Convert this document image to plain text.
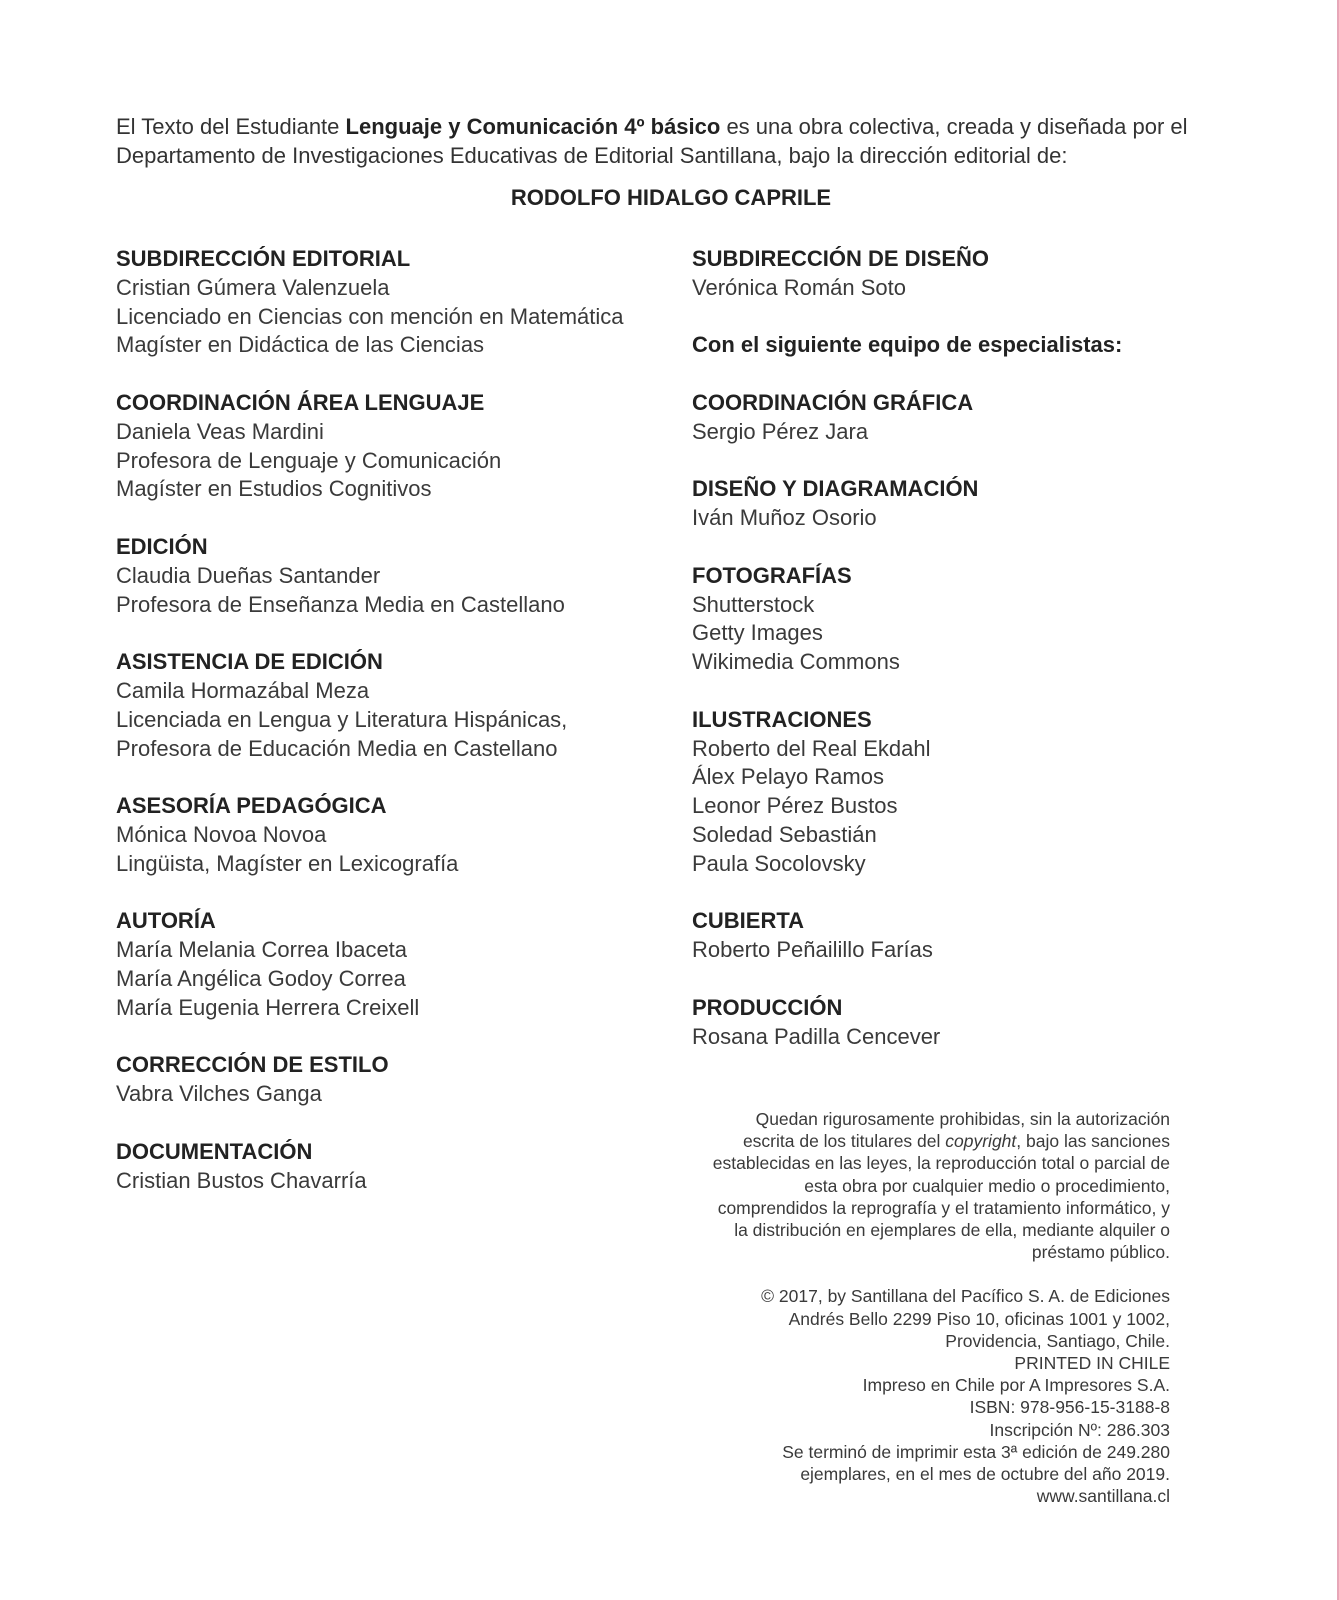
El Texto del Estudiante Lenguaje y Comunicación 4º básico es una obra colectiva, creada y diseñada por el Departamento de Investigaciones Educativas de Editorial Santillana, bajo la dirección editorial de:

RODOLFO HIDALGO CAPRILE
SUBDIRECCIÓN EDITORIAL
Cristian Gúmera Valenzuela
Licenciado en Ciencias con mención en Matemática
Magíster en Didáctica de las Ciencias
COORDINACIÓN ÁREA LENGUAJE
Daniela Veas Mardini
Profesora de Lenguaje y Comunicación
Magíster en Estudios Cognitivos
EDICIÓN
Claudia Dueñas Santander
Profesora de Enseñanza Media en Castellano
ASISTENCIA DE EDICIÓN
Camila Hormazábal Meza
Licenciada en Lengua y Literatura Hispánicas,
Profesora de Educación Media en Castellano
ASESORÍA PEDAGÓGICA
Mónica Novoa Novoa
Lingüista, Magíster en Lexicografía
AUTORÍA
María Melania Correa Ibaceta
María Angélica Godoy Correa
María Eugenia Herrera Creixell
CORRECCIÓN DE ESTILO
Vabra Vilches Ganga
DOCUMENTACIÓN
Cristian Bustos Chavarría
SUBDIRECCIÓN DE DISEÑO
Verónica Román Soto
Con el siguiente equipo de especialistas:
COORDINACIÓN GRÁFICA
Sergio Pérez Jara
DISEÑO Y DIAGRAMACIÓN
Iván Muñoz Osorio
FOTOGRAFÍAS
Shutterstock
Getty Images
Wikimedia Commons
ILUSTRACIONES
Roberto del Real Ekdahl
Álex Pelayo Ramos
Leonor Pérez Bustos
Soledad Sebastián
Paula Socolovsky
CUBIERTA
Roberto Peñailillo Farías
PRODUCCIÓN
Rosana Padilla Cencever
Quedan rigurosamente prohibidas, sin la autorización escrita de los titulares del copyright, bajo las sanciones establecidas en las leyes, la reproducción total o parcial de esta obra por cualquier medio o procedimiento, comprendidos la reprografía y el tratamiento informático, y la distribución en ejemplares de ella, mediante alquiler o préstamo público.
© 2017, by Santillana del Pacífico S. A. de Ediciones
Andrés Bello 2299 Piso 10, oficinas 1001 y 1002,
Providencia, Santiago, Chile.
PRINTED IN CHILE
Impreso en Chile por A Impresores S.A.
ISBN: 978-956-15-3188-8
Inscripción Nº: 286.303
Se terminó de imprimir esta 3ª edición de 249.280
ejemplares, en el mes de octubre del año 2019.
www.santillana.cl
